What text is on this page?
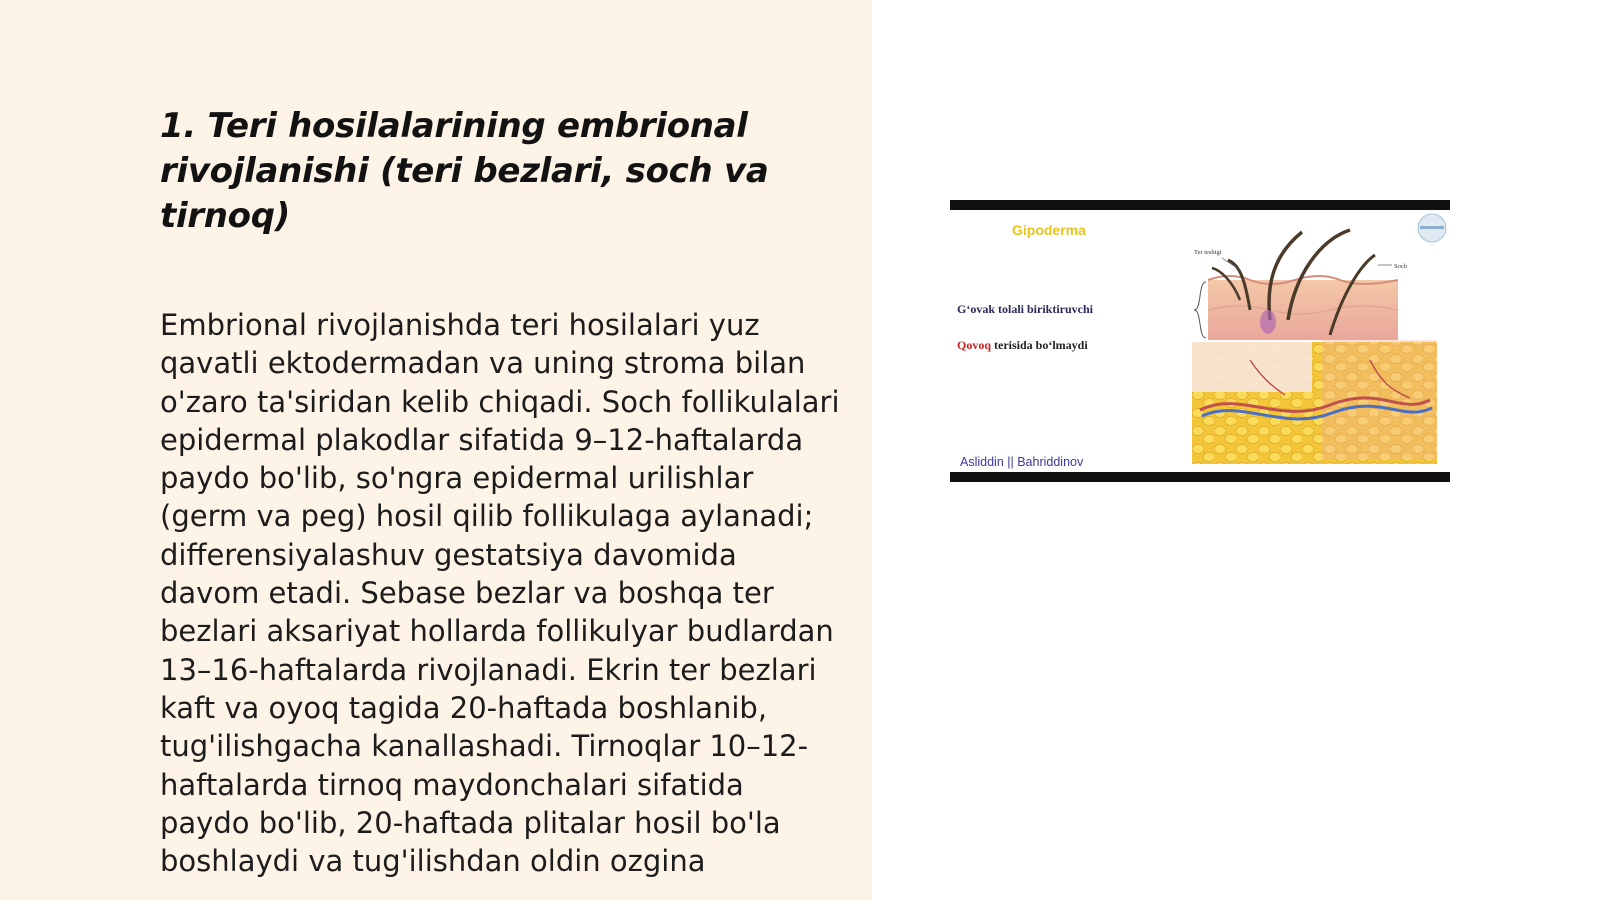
1. Teri hosilalarining embrional rivojlanishi (teri bezlari, soch va tirnoq)

Embrional rivojlanishda teri hosilalari yuz qavatli ektodermadan va uning stroma bilan o'zaro ta'siridan kelib chiqadi. Soch follikulalari epidermal plakodlar sifatida 9–12-haftalarda paydo bo'lib, so'ngra epidermal urilishlar (germ va peg) hosil qilib follikulaga aylanadi; differensiyalashuv gestatsiya davomida davom etadi. Sebase bezlar va boshqa ter bezlari aksariyat hollarda follikulyar budlardan 13–16-haftalarda rivojlanadi. Ekrin ter bezlari kaft va oyoq tagida 20-haftada boshlanib, tug'ilishgacha kanallashadi. Tirnoqlar 10–12-haftalarda tirnoq maydonchalari sifatida paydo bo'lib, 20-haftada plitalar hosil bo'la boshlaydi va tug'ilishdan oldin ozgina

Gipoderma
Ter teshigi
Soch
G‘ovak tolali biriktiruvchi
Qovoq terisida bo‘lmaydi
Asliddin || Bahriddinov
